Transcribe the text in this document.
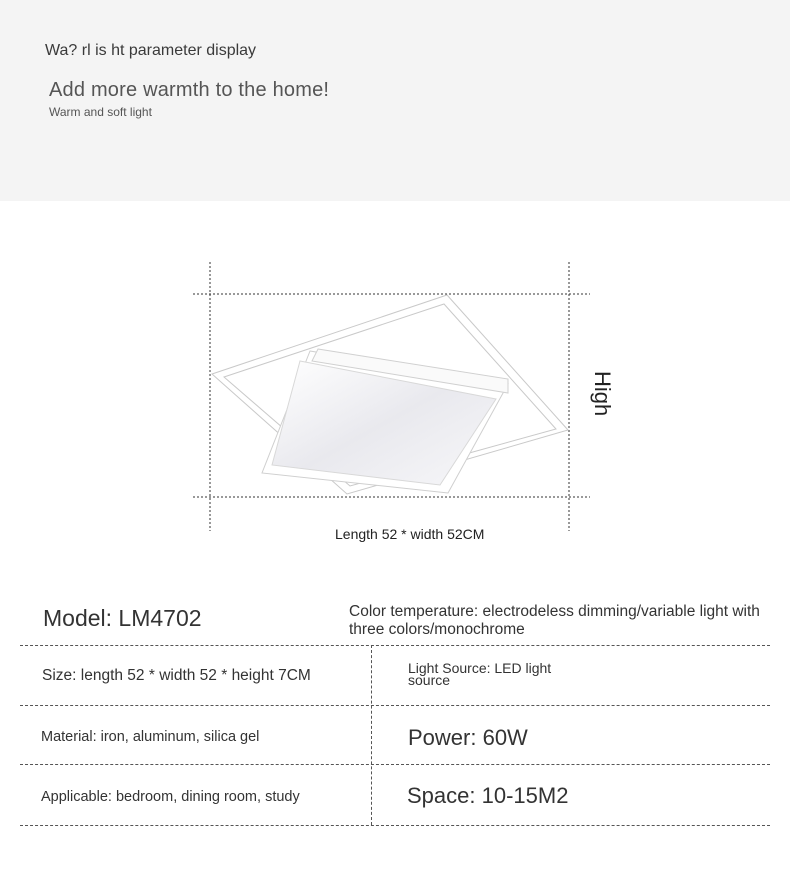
Wa? rl is ht parameter display
Add more warmth to the home!
Warm and soft light
Length 52 * width 52CM
High
Model: LM4702	Color temperature: electrodeless dimming/variable light with three colors/monochrome
Size: length 52 * width 52 * height 7CM	Light Source: LED light source
Material: iron, aluminum, silica gel	Power: 60W
Applicable: bedroom, dining room, study	Space: 10-15M2
